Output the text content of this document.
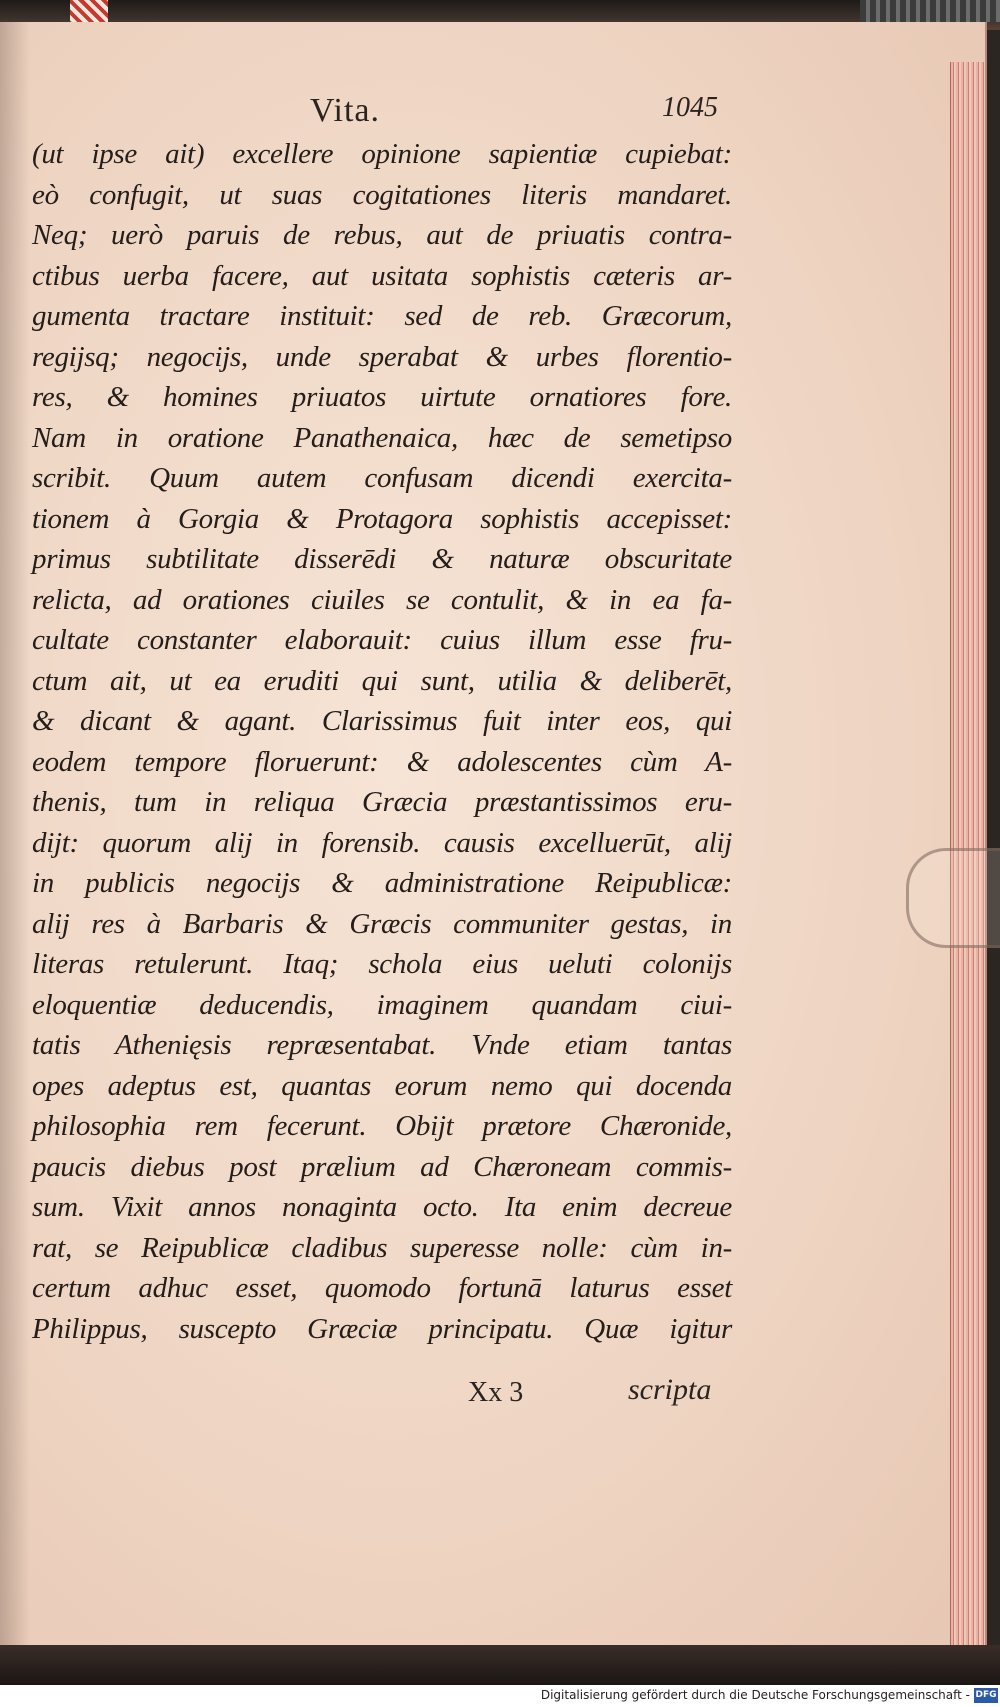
Vita.	1045
(ut ipse ait) excellere opinione sapientiæ cupiebat:
eò confugit, ut suas cogitationes literis mandaret.
Neq; uerò paruis de rebus, aut de priuatis contra-
ctibus uerba facere, aut usitata sophistis cæteris ar-
gumenta tractare instituit: sed de reb. Græcorum,
regijsq; negocijs, unde sperabat & urbes florentio-
res, & homines priuatos uirtute ornatiores fore.
Nam in oratione Panathenaica, hæc de semetipso
scribit. Quum autem confusam dicendi exercita-
tionem à Gorgia & Protagora sophistis accepisset:
primus subtilitate disserēdi & naturæ obscuritate
relicta, ad orationes ciuiles se contulit, & in ea fa-
cultate constanter elaborauit: cuius illum esse fru-
ctum ait, ut ea eruditi qui sunt, utilia & deliberēt,
& dicant & agant. Clarissimus fuit inter eos, qui
eodem tempore floruerunt: & adolescentes cùm A-
thenis, tum in reliqua Græcia præstantissimos eru-
dijt: quorum alij in forensib. causis excelluerūt, alij
in publicis negocijs & administratione Reipublicæ:
alij res à Barbaris & Græcis communiter gestas, in
literas retulerunt. Itaq; schola eius ueluti colonijs
eloquentiæ deducendis, imaginem quandam ciui-
tatis Athenięsis repræsentabat. Vnde etiam tantas
opes adeptus est, quantas eorum nemo qui docenda
philosophia rem fecerunt. Obijt prætore Chæronide,
paucis diebus post prælium ad Chæroneam commis-
sum. Vixit annos nonaginta octo. Ita enim decreue
rat, se Reipublicæ cladibus superesse nolle: cùm in-
certum adhuc esset, quomodo fortunā laturus esset
Philippus, suscepto Græciæ principatu. Quæ igitur
Xx 3	scripta
Digitalisierung gefördert durch die Deutsche Forschungsgemeinschaft - DFG
